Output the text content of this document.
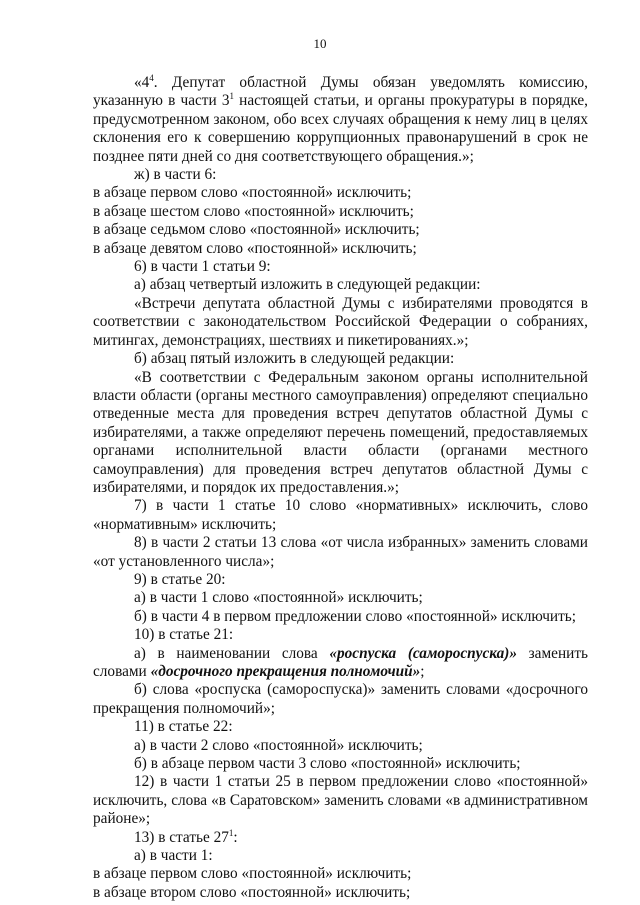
10

«$4^4$. Депутат областной Думы обязан уведомлять комиссию, указанную в части $3^1$ настоящей статьи, и органы прокуратуры в порядке, предусмотренном законом, обо всех случаях обращения к нему лиц в целях склонения его к совершению коррупционных правонарушений в срок не позднее пяти дней со дня соответствующего обращения.»;

ж) в части 6:

в абзаце первом слово «постоянной» исключить;

в абзаце шестом слово «постоянной» исключить;

в абзаце седьмом слово «постоянной» исключить;

в абзаце девятом слово «постоянной» исключить;

6) в части 1 статьи 9:

а) абзац четвертый изложить в следующей редакции:

«Встречи депутата областной Думы с избирателями проводятся в соответствии с законодательством Российской Федерации о собраниях, митингах, демонстрациях, шествиях и пикетированиях.»;

б) абзац пятый изложить в следующей редакции:

«В соответствии с Федеральным законом органы исполнительной власти области (органы местного самоуправления) определяют специально отведенные места для проведения встреч депутатов областной Думы с избирателями, а также определяют перечень помещений, предоставляемых органами исполнительной власти области (органами местного самоуправления) для проведения встреч депутатов областной Думы с избирателями, и порядок их предоставления.»;

7) в части 1 статье 10 слово «нормативных» исключить, слово «нормативным» исключить;

8) в части 2 статьи 13 слова «от числа избранных» заменить словами «от установленного числа»;

9) в статье 20:

а) в части 1 слово «постоянной» исключить;

б) в части 4 в первом предложении слово «постоянной» исключить;

10) в статье 21:

а) в наименовании слова «роспуска (самороспуска)» заменить словами «досрочного прекращения полномочий»;

б) слова «роспуска (самороспуска)» заменить словами «досрочного прекращения полномочий»;

11) в статье 22:

а) в части 2 слово «постоянной» исключить;

б) в абзаце первом части 3 слово «постоянной» исключить;

12) в части 1 статьи 25 в первом предложении слово «постоянной» исключить, слова «в Саратовском» заменить словами «в административном районе»;

13) в статье $27^1$:

а) в части 1:

в абзаце первом слово «постоянной» исключить;

в абзаце втором слово «постоянной» исключить;
